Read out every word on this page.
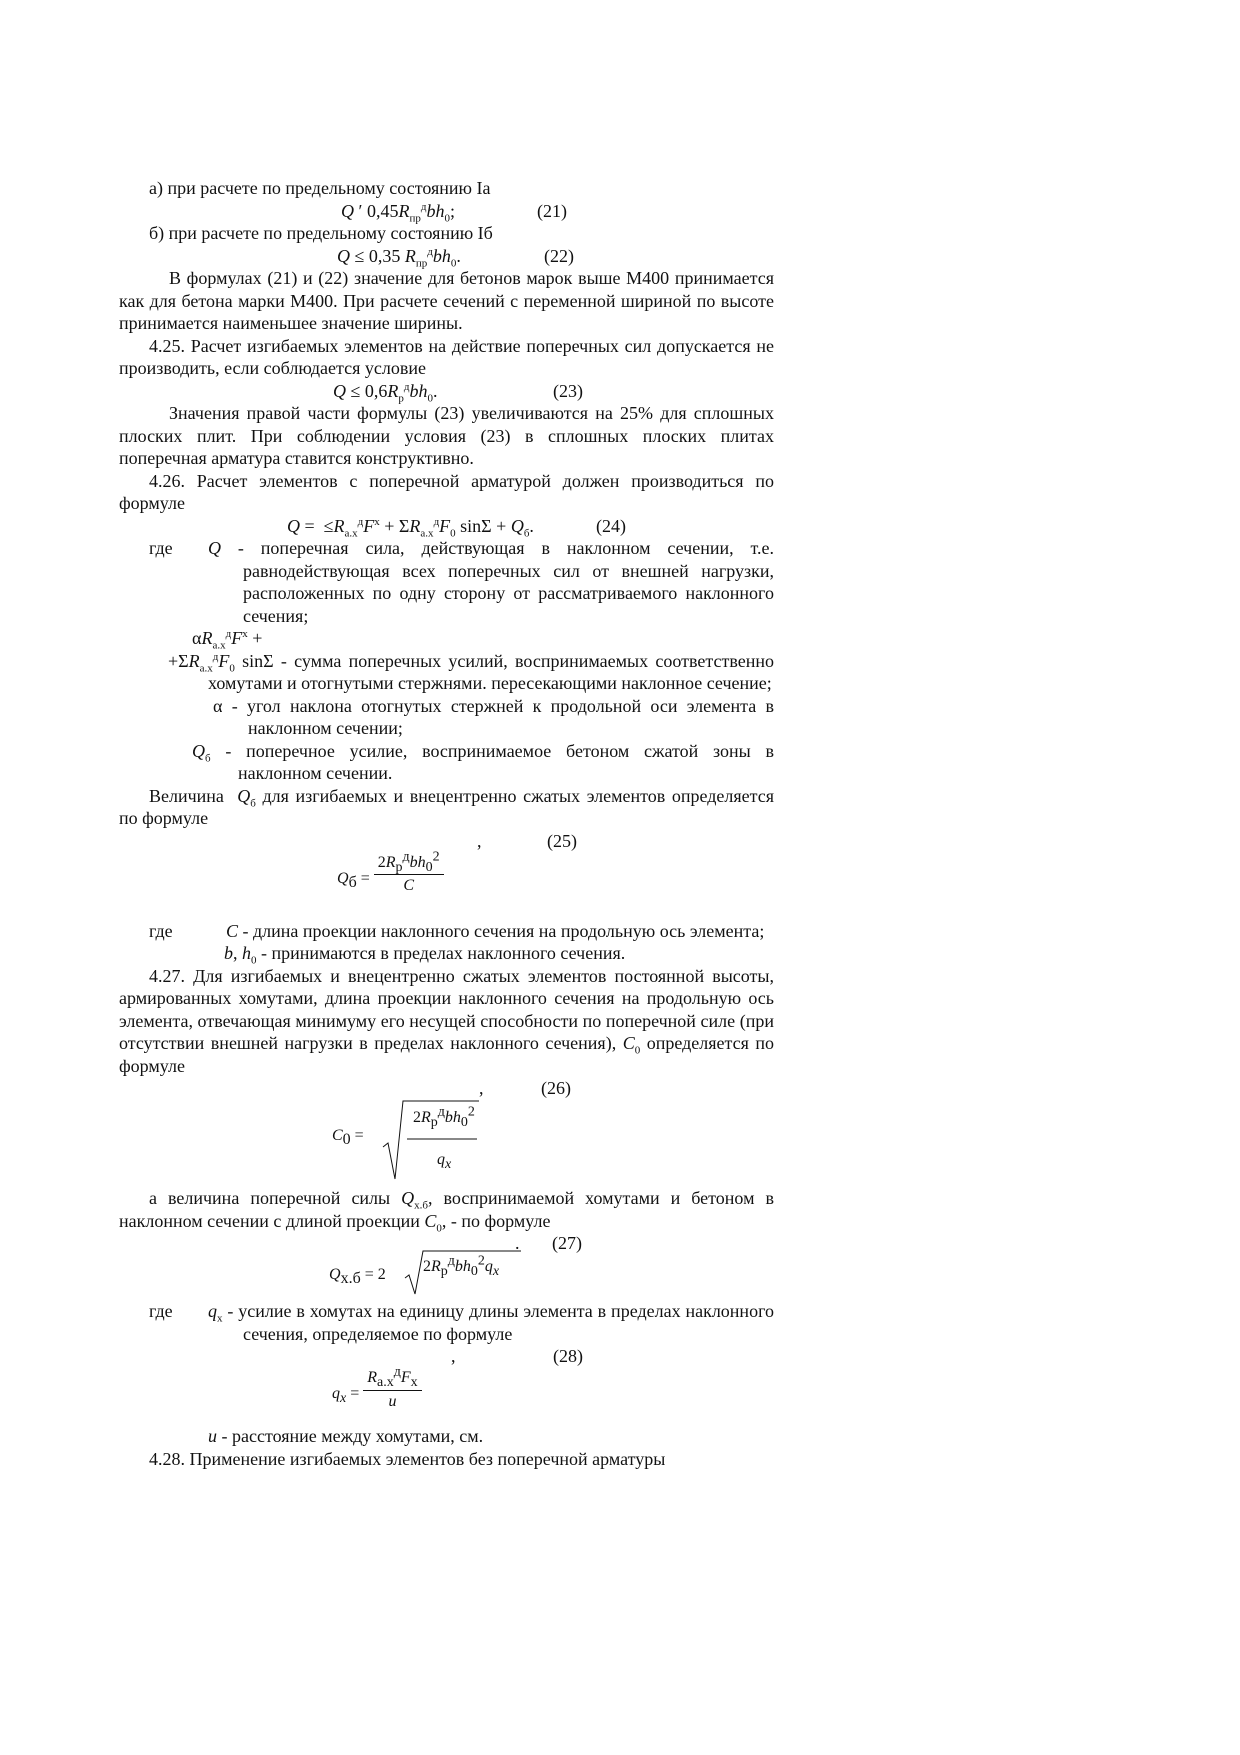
а) при расчете по предельному состоянию Iа

Q ′ $0,45R_{пр}^дbh_0$;	(21)

б) при расчете по предельному состоянию Iб

Q ≤ 0,35 $R_{пр}^дbh_0$.	(22)

В формулах (21) и (22) значение для бетонов марок выше М400 принимается как для бетона марки М400. При расчете сечений с переменной шириной по высоте принимается наименьшее значение ширины.

4.25. Расчет изгибаемых элементов на действие поперечных сил допускается не производить, если соблюдается условие

$Q \le 0,6R_р^дbh_0$.	(23)

Значения правой части формулы (23) увеличиваются на 25% для сплошных плоских плит. При соблюдении условия (23) в сплошных плоских плитах поперечная арматура ставится конструктивно.

4.26. Расчет элементов с поперечной арматурой должен производиться по формуле

$Q = \le R_{а.х}^дF^х + \Sigma R_{а.х}^дF_0$ $\sin\Sigma + Q_б$.	(24)
где	Q - поперечная сила, действующая в наклонном сечении, т.е. равнодействующая всех поперечных сил от внешней нагрузки, расположенных по одну сторону от рассматриваемого наклонного сечения;
$\alpha R_{а.х}^дF^х$ +
$+\Sigma R_{а.х}^дF_0$ sinΣ - сумма поперечных усилий, воспринимаемых соответственно хомутами и отогнутыми стержнями. пересекающими наклонное сечение;
α - угол наклона отогнутых стержней к продольной оси элемента в наклонном сечении;
$Q_б$ - поперечное усилие, воспринимаемое бетоном сжатой зоны в наклонном сечении.

Величина $Q_б$ для изгибаемых и внецентренно сжатых элементов определяется по формуле

,	(25)
$Q_б = \frac{2R_р^дbh_0^2}{C}$
где	C - длина проекции наклонного сечения на продольную ось элемента;
b, $h_0$ - принимаются в пределах наклонного сечения.

4.27. Для изгибаемых и внецентренно сжатых элементов постоянной высоты, армированных хомутами, длина проекции наклонного сечения на продольную ось элемента, отвечающая минимуму его несущей способности по поперечной силе (при отсутствии внешней нагрузки в пределах наклонного сечения), $C_0$ определяется по формуле

,	(26)
$C_0$ =
$2R_р^дbh_0^2$
$q_x$

а величина поперечной силы $Q_{х.б}$, воспринимаемой хомутами и бетоном в наклонном сечении с длиной проекции $C_0$, - по формуле

. (27)
$Q_{х.б} = 2$ $2R_р^дbh_0^2q_x$
где	$q_х$ - усилие в хомутах на единицу длины элемента в пределах наклонного сечения, определяемое по формуле
,	(28)
$q_x = \frac{R_{а.х}^дF_х}{u}$
u - расстояние между хомутами, см.

4.28. Применение изгибаемых элементов без поперечной арматуры
